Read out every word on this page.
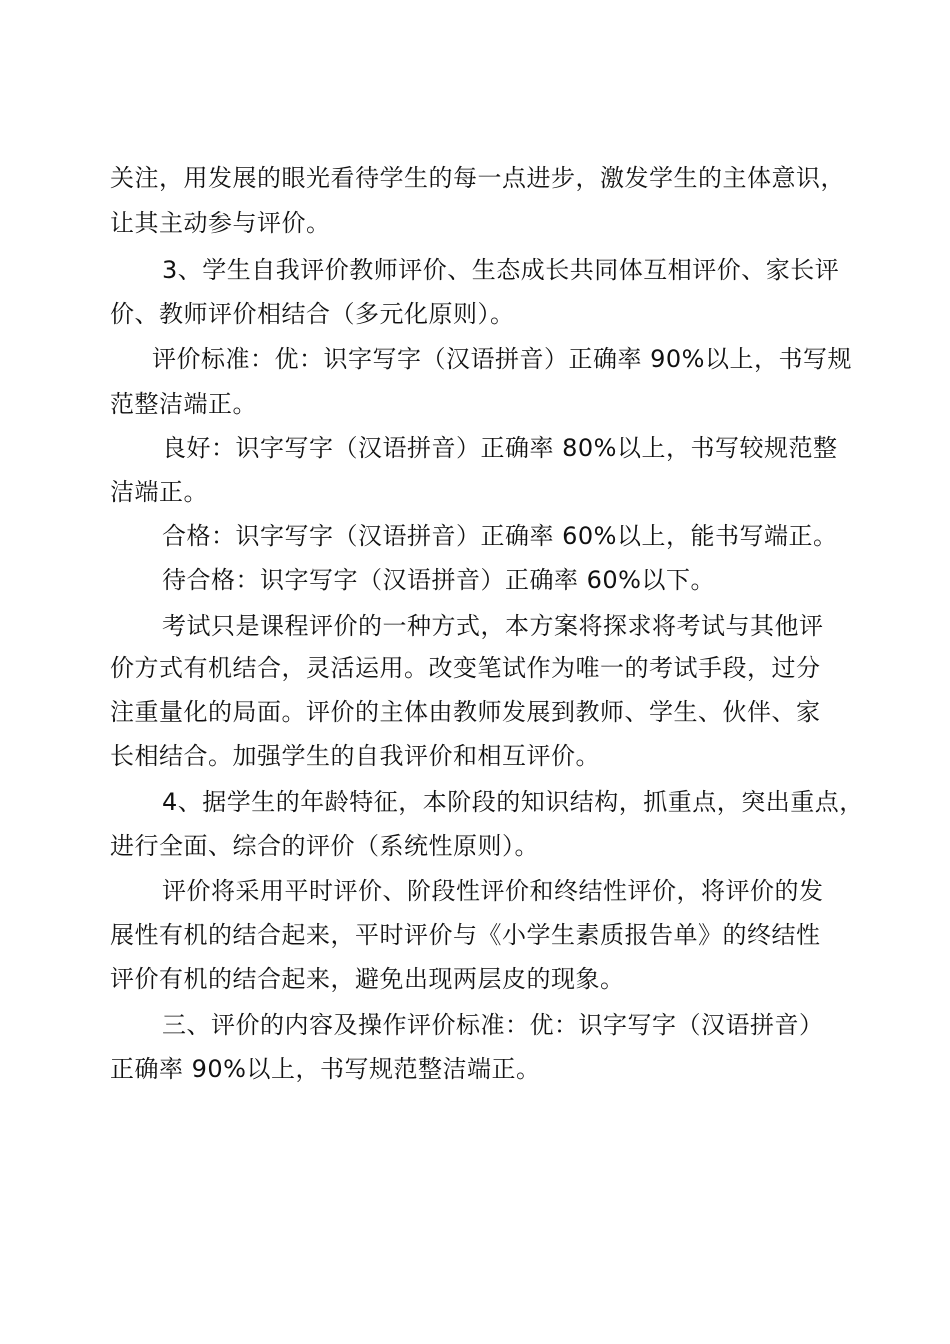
关注，用发展的眼光看待学生的每一点进步，激发学生的主体意识，
让其主动参与评价。
3、学生自我评价教师评价、生态成长共同体互相评价、家长评
价、教师评价相结合（多元化原则）。
评价标准：优：识字写字（汉语拼音）正确率 90%以上，书写规
范整洁端正。
良好：识字写字（汉语拼音）正确率 80%以上，书写较规范整
洁端正。
合格：识字写字（汉语拼音）正确率 60%以上，能书写端正。
待合格：识字写字（汉语拼音）正确率 60%以下。
考试只是课程评价的一种方式，本方案将探求将考试与其他评
价方式有机结合，灵活运用。改变笔试作为唯一的考试手段，过分
注重量化的局面。评价的主体由教师发展到教师、学生、伙伴、家
长相结合。加强学生的自我评价和相互评价。
4、据学生的年龄特征，本阶段的知识结构，抓重点，突出重点，
进行全面、综合的评价（系统性原则）。
评价将采用平时评价、阶段性评价和终结性评价，将评价的发
展性有机的结合起来，平时评价与《小学生素质报告单》的终结性
评价有机的结合起来，避免出现两层皮的现象。
三、评价的内容及操作评价标准：优：识字写字（汉语拼音）
正确率 90%以上，书写规范整洁端正。
